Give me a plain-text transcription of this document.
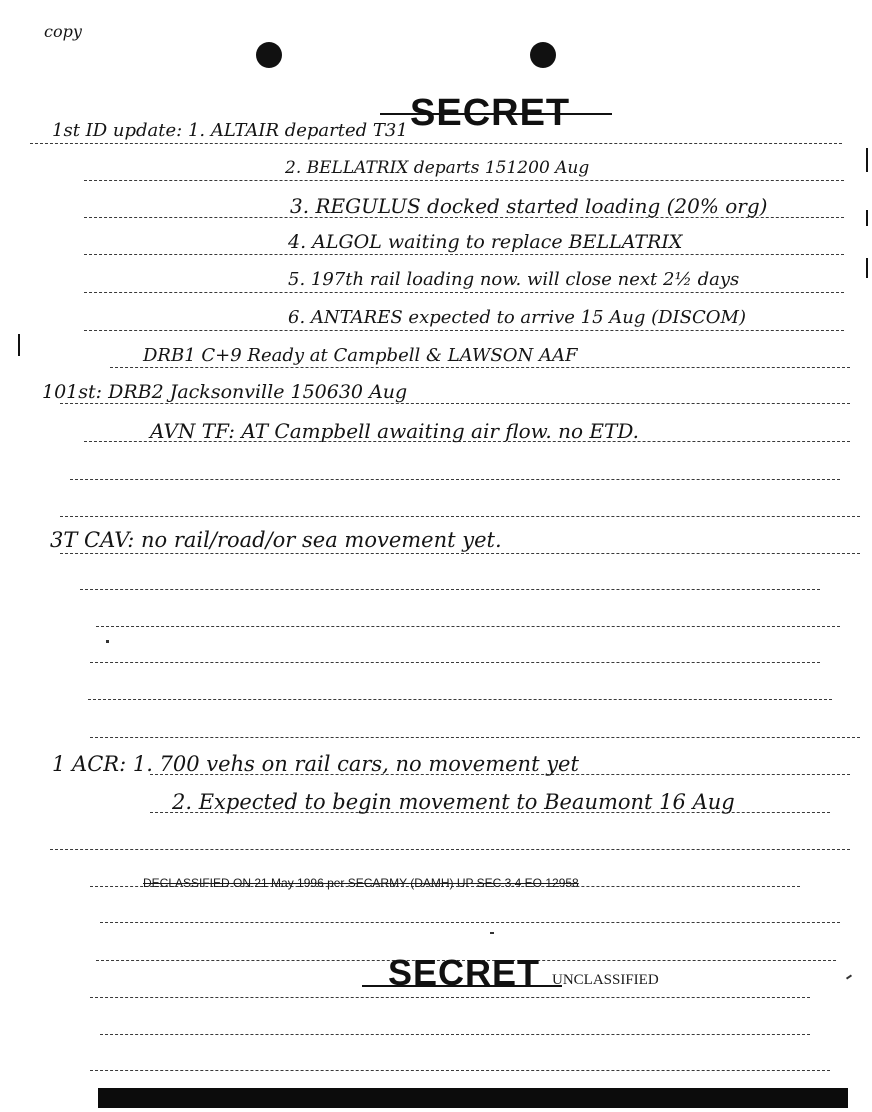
copy
SECRET
1st ID update: 1. ALTAIR departed T31
2. BELLATRIX departs 151200 Aug
3. REGULUS docked started loading (20% org)
4. ALGOL waiting to replace BELLATRIX
5. 197th rail loading now. will close next 2½ days
6. ANTARES expected to arrive 15 Aug (DISCOM)
DRB1 C+9 Ready at Campbell & LAWSON AAF
101st: DRB2 Jacksonville 150630 Aug
AVN TF: AT Campbell awaiting air flow. no ETD.
3T CAV: no rail/road/or sea movement yet.
1 ACR: 1. 700 vehs on rail cars, no movement yet
2. Expected to begin movement to Beaumont 16 Aug
DECLASSIFIED ON 21 May 1996 per SECARMY (DAMH) UP SEC 3.4 EO 12958
SECRET UNCLASSIFIED
